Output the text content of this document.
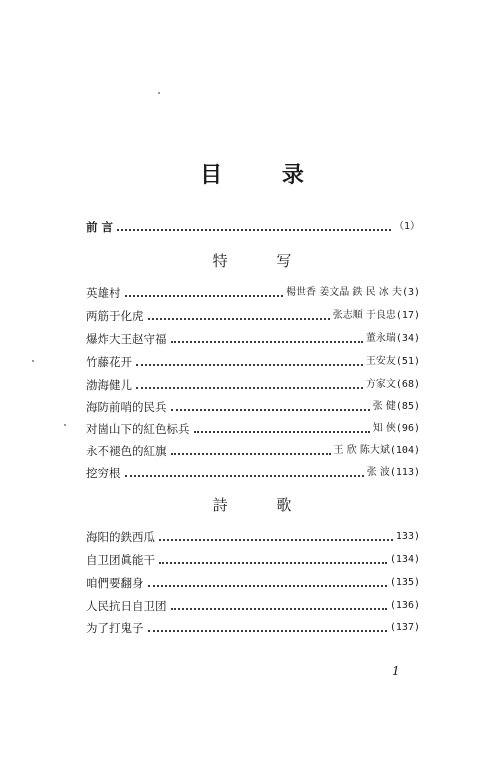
目 录
前 言	（1）
特 写
英雄村	楊世香 姜文晶 鉄 民 冰 夫 (3)
两筋于化虎	张志順 于良忠 (17)
爆炸大王赵守福	董永瑞 (34)
竹藤花开	王安友 (51)
渤海健儿	方家文 (68)
海防前哨的民兵	张 健 (85)
对崮山下的紅色标兵	知 俠 (96)
永不褪色的紅旗	王 欣 陈大斌 (104)
挖穷根	张 波 (113)
詩 歌
海阳的鉄西瓜	133)
自卫团眞能干	(134)
咱們要翻身	(135)
人民抗日自卫团	(136)
为了打鬼子	(137)
1
